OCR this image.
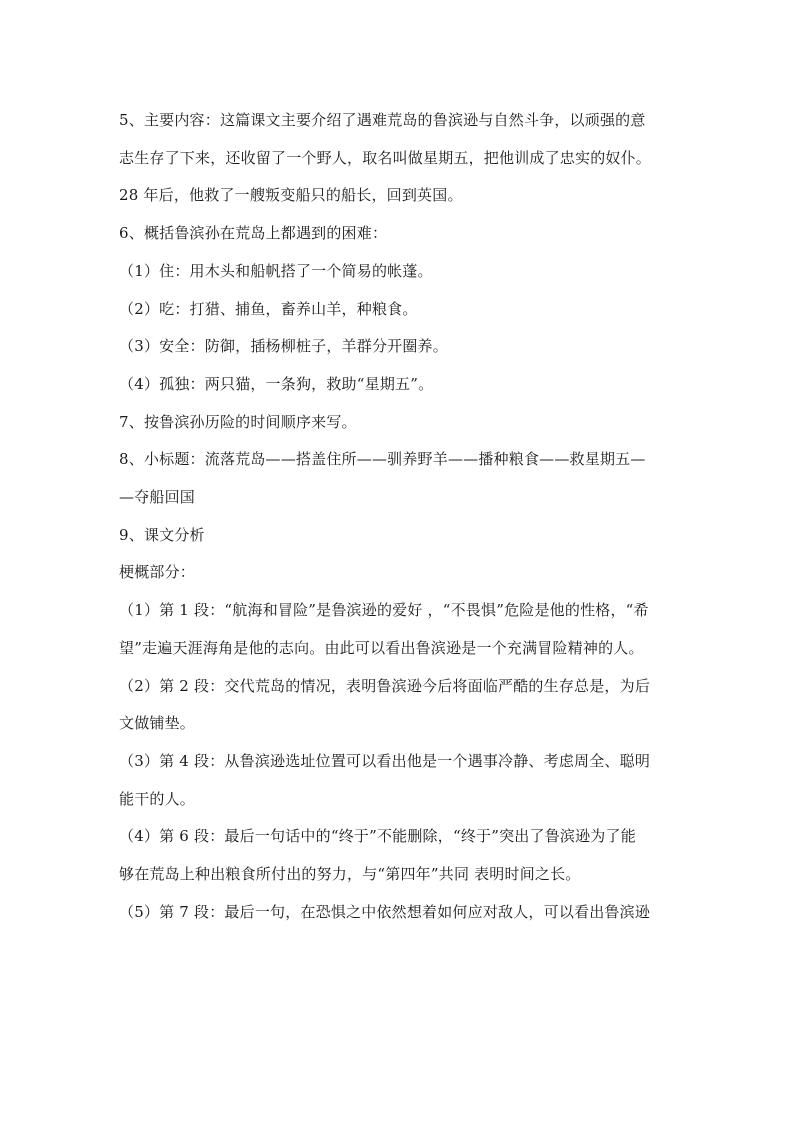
5、主要内容：这篇课文主要介绍了遇难荒岛的鲁滨逊与自然斗争，以顽强的意

志生存了下来，还收留了一个野人，取名叫做星期五，把他训成了忠实的奴仆。

28 年后，他救了一艘叛变船只的船长，回到英国。

6、概括鲁滨孙在荒岛上都遇到的困难：

（1）住：用木头和船帆搭了一个简易的帐蓬。

（2）吃：打猎、捕鱼，畜养山羊，种粮食。

（3）安全：防御，插杨柳桩子，羊群分开圈养。

（4）孤独：两只猫，一条狗，救助“星期五”。

7、按鲁滨孙历险的时间顺序来写。

8、小标题：流落荒岛——搭盖住所——驯养野羊——播种粮食——救星期五—

—夺船回国

9、课文分析

梗概部分：

（1）第 1 段：“航海和冒险”是鲁滨逊的爱好 ，“不畏惧”危险是他的性格，“希

望”走遍天涯海角是他的志向。由此可以看出鲁滨逊是一个充满冒险精神的人。

（2）第 2 段：交代荒岛的情况，表明鲁滨逊今后将面临严酷的生存总是，为后

文做铺垫。

（3）第 4 段：从鲁滨逊选址位置可以看出他是一个遇事冷静、考虑周全、聪明

能干的人。

（4）第 6 段：最后一句话中的“终于”不能删除，“终于”突出了鲁滨逊为了能

够在荒岛上种出粮食所付出的努力，与“第四年”共同 表明时间之长。

（5）第 7 段：最后一句，在恐惧之中依然想着如何应对敌人，可以看出鲁滨逊
